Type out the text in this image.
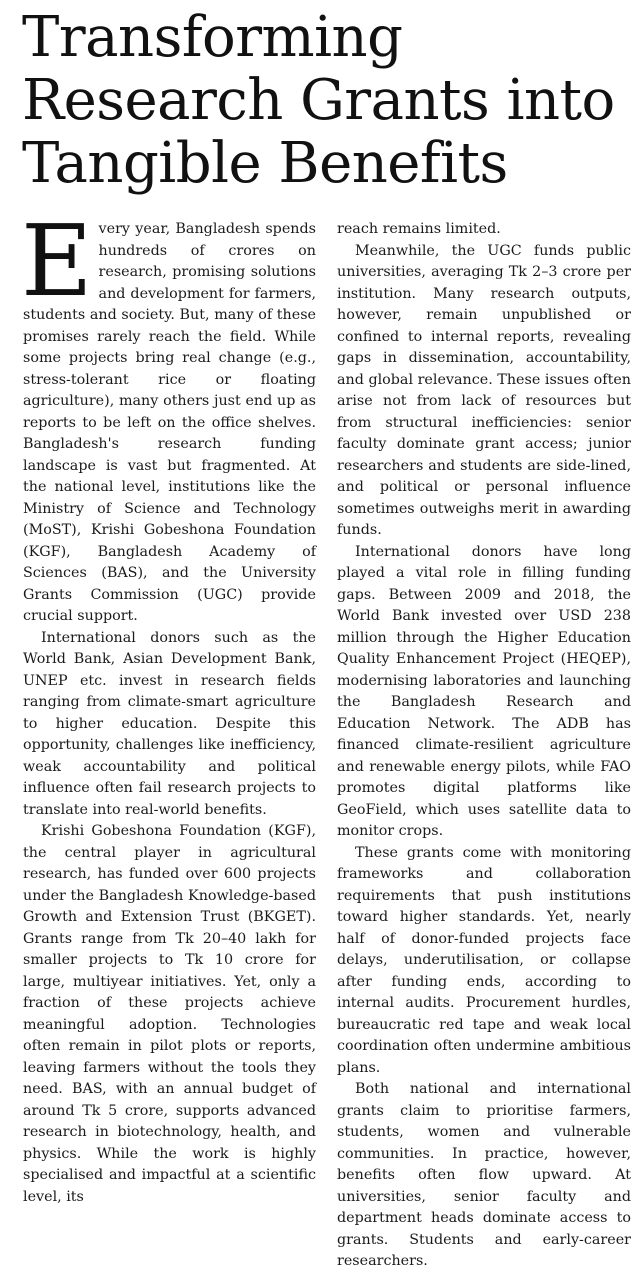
Transforming Research Grants into Tangible Benefits

Every year, Bangladesh spends hundreds of crores on research, promising solutions and development for farmers, students and society. But, many of these promises rarely reach the field. While some projects bring real change (e.g., stress-tolerant rice or floating agriculture), many others just end up as reports to be left on the office shelves. Bangladesh's research funding landscape is vast but fragmented. At the national level, institutions like the Ministry of Science and Technology (MoST), Krishi Gobeshona Foundation (KGF), Bangladesh Academy of Sciences (BAS), and the University Grants Commission (UGC) provide crucial support.

International donors such as the World Bank, Asian Development Bank, UNEP etc. invest in research fields ranging from climate-smart agriculture to higher education. Despite this opportunity, challenges like inefficiency, weak accountability and political influence often fail research projects to translate into real-world benefits.

Krishi Gobeshona Foundation (KGF), the central player in agricultural research, has funded over 600 projects under the Bangladesh Knowledge-based Growth and Extension Trust (BKGET). Grants range from Tk 20–40 lakh for smaller projects to Tk 10 crore for large, multiyear initiatives. Yet, only a fraction of these projects achieve meaningful adoption. Technologies often remain in pilot plots or reports, leaving farmers without the tools they need. BAS, with an annual budget of around Tk 5 crore, supports advanced research in biotechnology, health, and physics. While the work is highly specialised and impactful at a scientific level, its

reach remains limited.

Meanwhile, the UGC funds public universities, averaging Tk 2–3 crore per institution. Many research outputs, however, remain unpublished or confined to internal reports, revealing gaps in dissemination, accountability, and global relevance. These issues often arise not from lack of resources but from structural inefficiencies: senior faculty dominate grant access; junior researchers and students are side-lined, and political or personal influence sometimes outweighs merit in awarding funds.

International donors have long played a vital role in filling funding gaps. Between 2009 and 2018, the World Bank invested over USD 238 million through the Higher Education Quality Enhancement Project (HEQEP), modernising laboratories and launching the Bangladesh Research and Education Network. The ADB has financed climate-resilient agriculture and renewable energy pilots, while FAO promotes digital platforms like GeoField, which uses satellite data to monitor crops.

These grants come with monitoring frameworks and collaboration requirements that push institutions toward higher standards. Yet, nearly half of donor-funded projects face delays, underutilisation, or collapse after funding ends, according to internal audits. Procurement hurdles, bureaucratic red tape and weak local coordination often undermine ambitious plans.

Both national and international grants claim to prioritise farmers, students, women and vulnerable communities. In practice, however, benefits often flow upward. At universities, senior faculty and department heads dominate access to grants. Students and early-career researchers.
